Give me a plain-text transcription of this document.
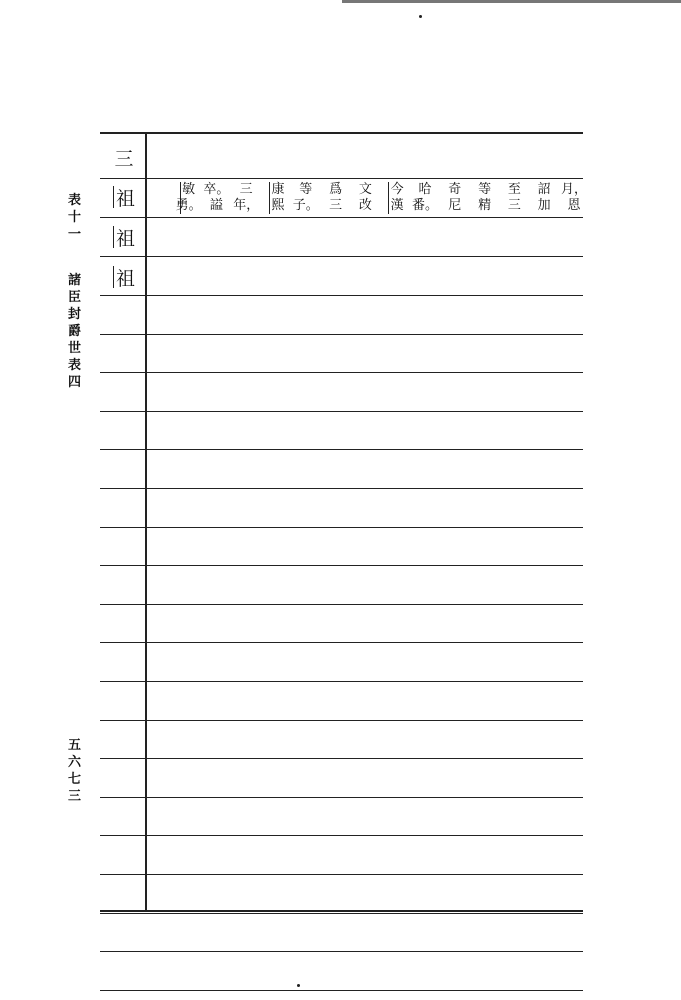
表
十
一
諸
臣
封
爵
世
表
四
五
六
七
三
三
祖
祖
祖
月，
恩
詔
加
至
三
等
精
奇
尼
哈
番。
今
漢
文
改
爲
三
等
子。
康
熙
三
年，
卒。
謚
敏
勇。
